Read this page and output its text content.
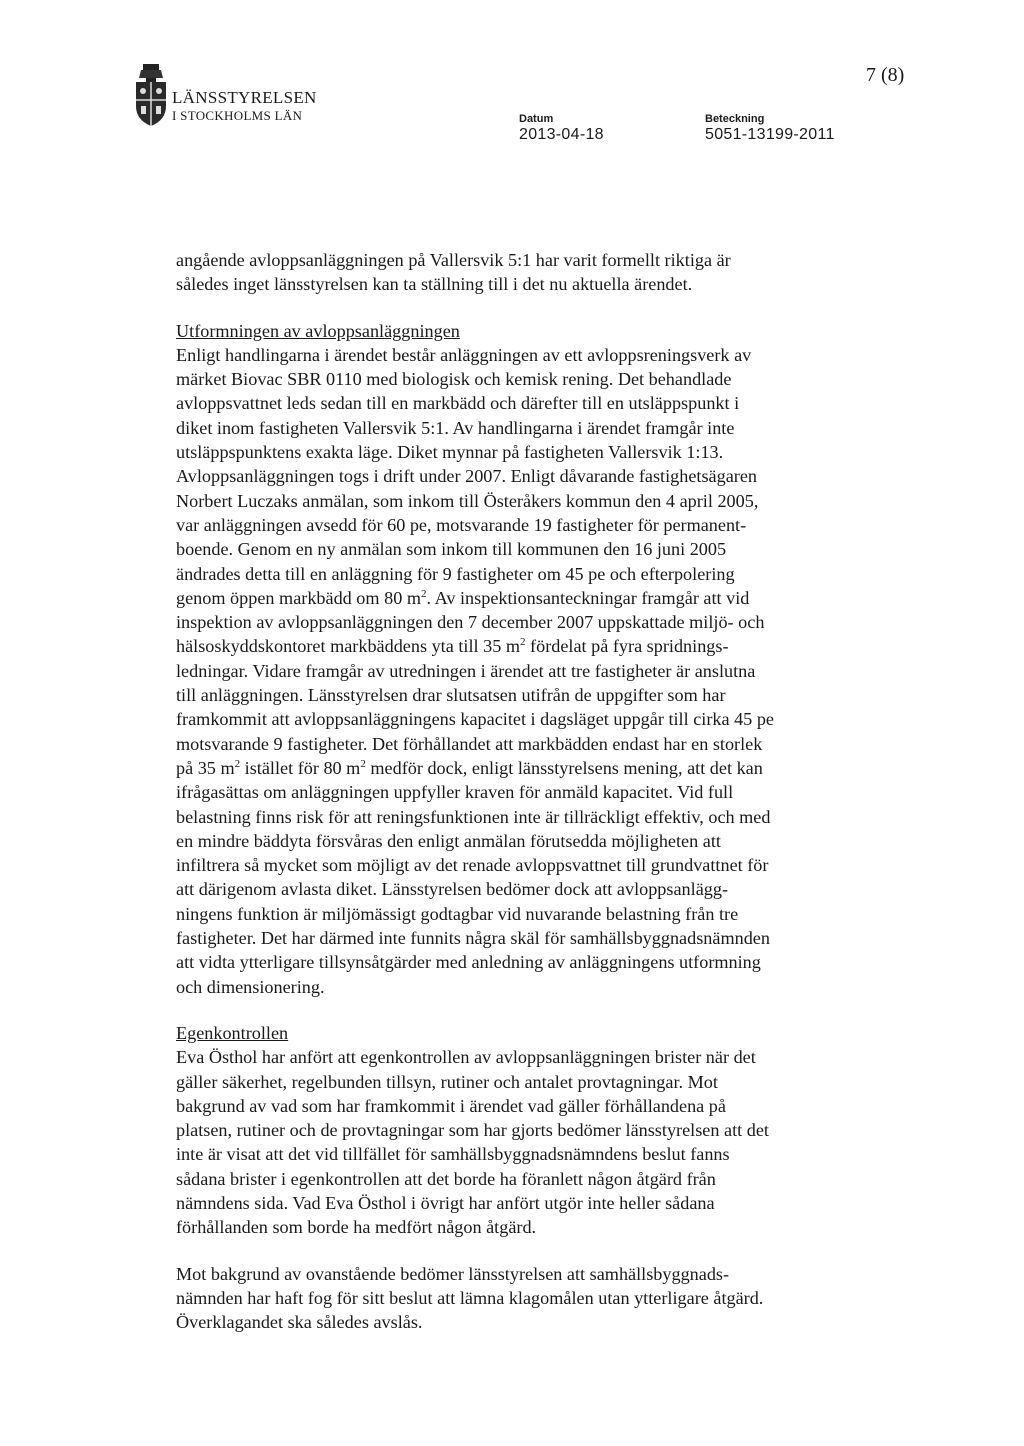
LÄNSSTYRELSEN
I STOCKHOLMS LÄN	Datum
2013-04-18
Beteckning
5051-13199-2011
7 (8)

angående avloppsanläggningen på Vallersvik 5:1 har varit formellt riktiga är
således inget länsstyrelsen kan ta ställning till i det nu aktuella ärendet.

Utformningen av avloppsanläggningen

Enligt handlingarna i ärendet består anläggningen av ett avloppsreningsverk av
märket Biovac SBR 0110 med biologisk och kemisk rening. Det behandlade
avloppsvattnet leds sedan till en markbädd och därefter till en utsläppspunkt i
diket inom fastigheten Vallersvik 5:1. Av handlingarna i ärendet framgår inte
utsläppspunktens exakta läge. Diket mynnar på fastigheten Vallersvik 1:13.
Avloppsanläggningen togs i drift under 2007. Enligt dåvarande fastighetsägaren
Norbert Luczaks anmälan, som inkom till Österåkers kommun den 4 april 2005,
var anläggningen avsedd för 60 pe, motsvarande 19 fastigheter för permanent-
boende. Genom en ny anmälan som inkom till kommunen den 16 juni 2005
ändrades detta till en anläggning för 9 fastigheter om 45 pe och efterpolering
genom öppen markbädd om 80 $m^2$. Av inspektionsanteckningar framgår att vid
inspektion av avloppsanläggningen den 7 december 2007 uppskattade miljö- och
hälsoskyddskontoret markbäddens yta till 35 $m^2$ fördelat på fyra spridnings-
ledningar. Vidare framgår av utredningen i ärendet att tre fastigheter är anslutna
till anläggningen. Länsstyrelsen drar slutsatsen utifrån de uppgifter som har
framkommit att avloppsanläggningens kapacitet i dagsläget uppgår till cirka 45 pe
motsvarande 9 fastigheter. Det förhållandet att markbädden endast har en storlek
på 35 $m^2$ istället för 80 $m^2$ medför dock, enligt länsstyrelsens mening, att det kan
ifrågasättas om anläggningen uppfyller kraven för anmäld kapacitet. Vid full
belastning finns risk för att reningsfunktionen inte är tillräckligt effektiv, och med
en mindre bäddyta försvåras den enligt anmälan förutsedda möjligheten att
infiltrera så mycket som möjligt av det renade avloppsvattnet till grundvattnet för
att därigenom avlasta diket. Länsstyrelsen bedömer dock att avloppsanlägg-
ningens funktion är miljömässigt godtagbar vid nuvarande belastning från tre
fastigheter. Det har därmed inte funnits några skäl för samhällsbyggnadsnämnden
att vidta ytterligare tillsynsåtgärder med anledning av anläggningens utformning
och dimensionering.

Egenkontrollen

Eva Östhol har anfört att egenkontrollen av avloppsanläggningen brister när det
gäller säkerhet, regelbunden tillsyn, rutiner och antalet provtagningar. Mot
bakgrund av vad som har framkommit i ärendet vad gäller förhållandena på
platsen, rutiner och de provtagningar som har gjorts bedömer länsstyrelsen att det
inte är visat att det vid tillfället för samhällsbyggnadsnämndens beslut fanns
sådana brister i egenkontrollen att det borde ha föranlett någon åtgärd från
nämndens sida. Vad Eva Östhol i övrigt har anfört utgör inte heller sådana
förhållanden som borde ha medfört någon åtgärd.

Mot bakgrund av ovanstående bedömer länsstyrelsen att samhällsbyggnads-
nämnden har haft fog för sitt beslut att lämna klagomålen utan ytterligare åtgärd.
Överklagandet ska således avslås.
